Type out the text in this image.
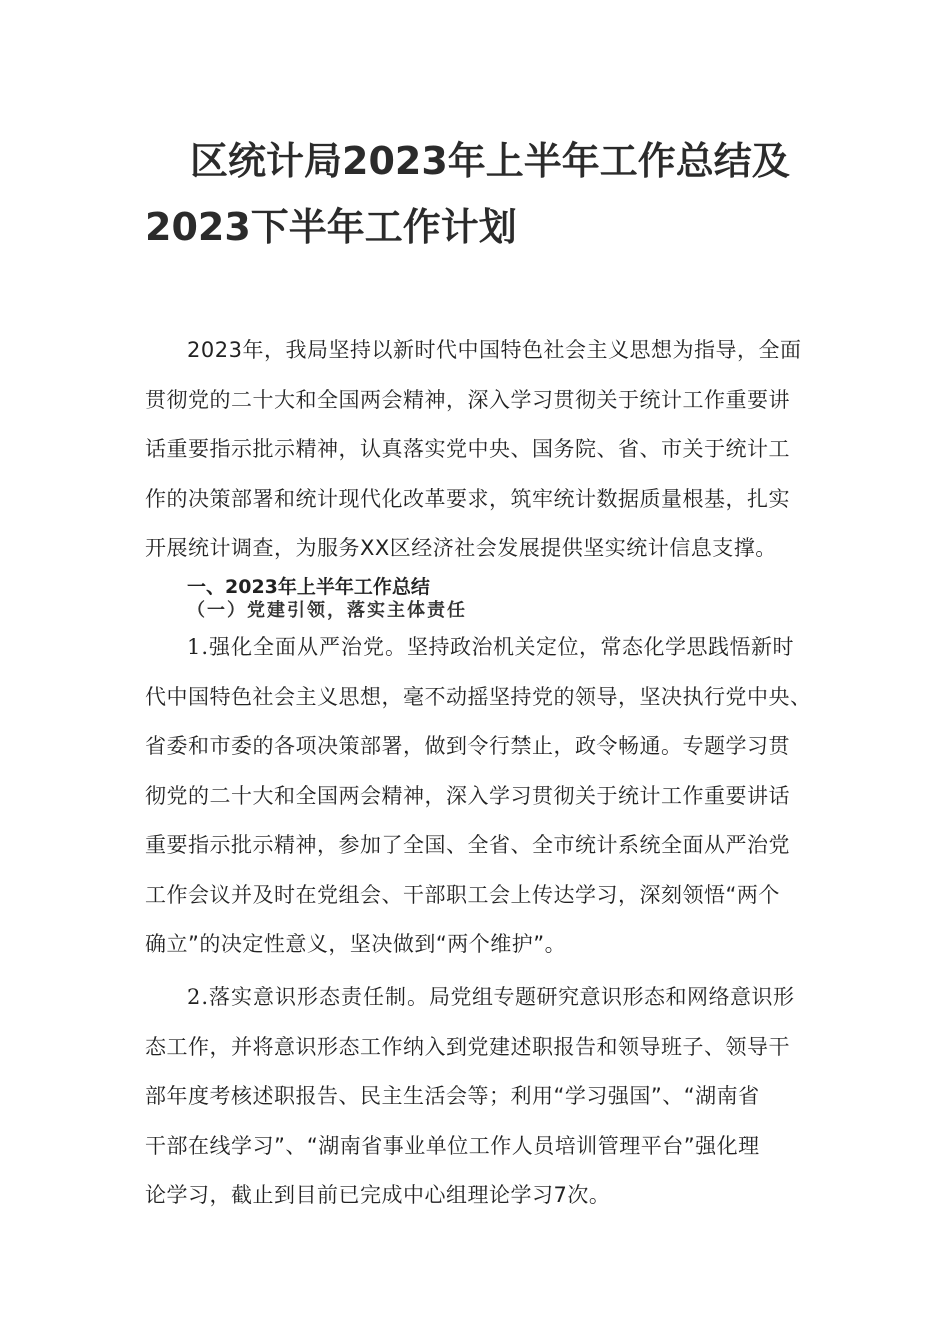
区统计局2023年上半年工作总结及
2023下半年工作计划

2023年，我局坚持以新时代中国特色社会主义思想为指导，全面
贯彻党的二十大和全国两会精神，深入学习贯彻关于统计工作重要讲
话重要指示批示精神，认真落实党中央、国务院、省、市关于统计工
作的决策部署和统计现代化改革要求，筑牢统计数据质量根基，扎实
开展统计调查，为服务XX区经济社会发展提供坚实统计信息支撑。

一、2023年上半年工作总结
（一）党建引领，落实主体责任

1.强化全面从严治党。坚持政治机关定位，常态化学思践悟新时
代中国特色社会主义思想，毫不动摇坚持党的领导，坚决执行党中央、
省委和市委的各项决策部署，做到令行禁止，政令畅通。专题学习贯
彻党的二十大和全国两会精神，深入学习贯彻关于统计工作重要讲话
重要指示批示精神，参加了全国、全省、全市统计系统全面从严治党
工作会议并及时在党组会、干部职工会上传达学习，深刻领悟“两个
确立”的决定性意义，坚决做到“两个维护”。

2.落实意识形态责任制。局党组专题研究意识形态和网络意识形
态工作，并将意识形态工作纳入到党建述职报告和领导班子、领导干
部年度考核述职报告、民主生活会等；利用“学习强国”、“湖南省
干部在线学习”、“湖南省事业单位工作人员培训管理平台”强化理
论学习，截止到目前已完成中心组理论学习7次。
